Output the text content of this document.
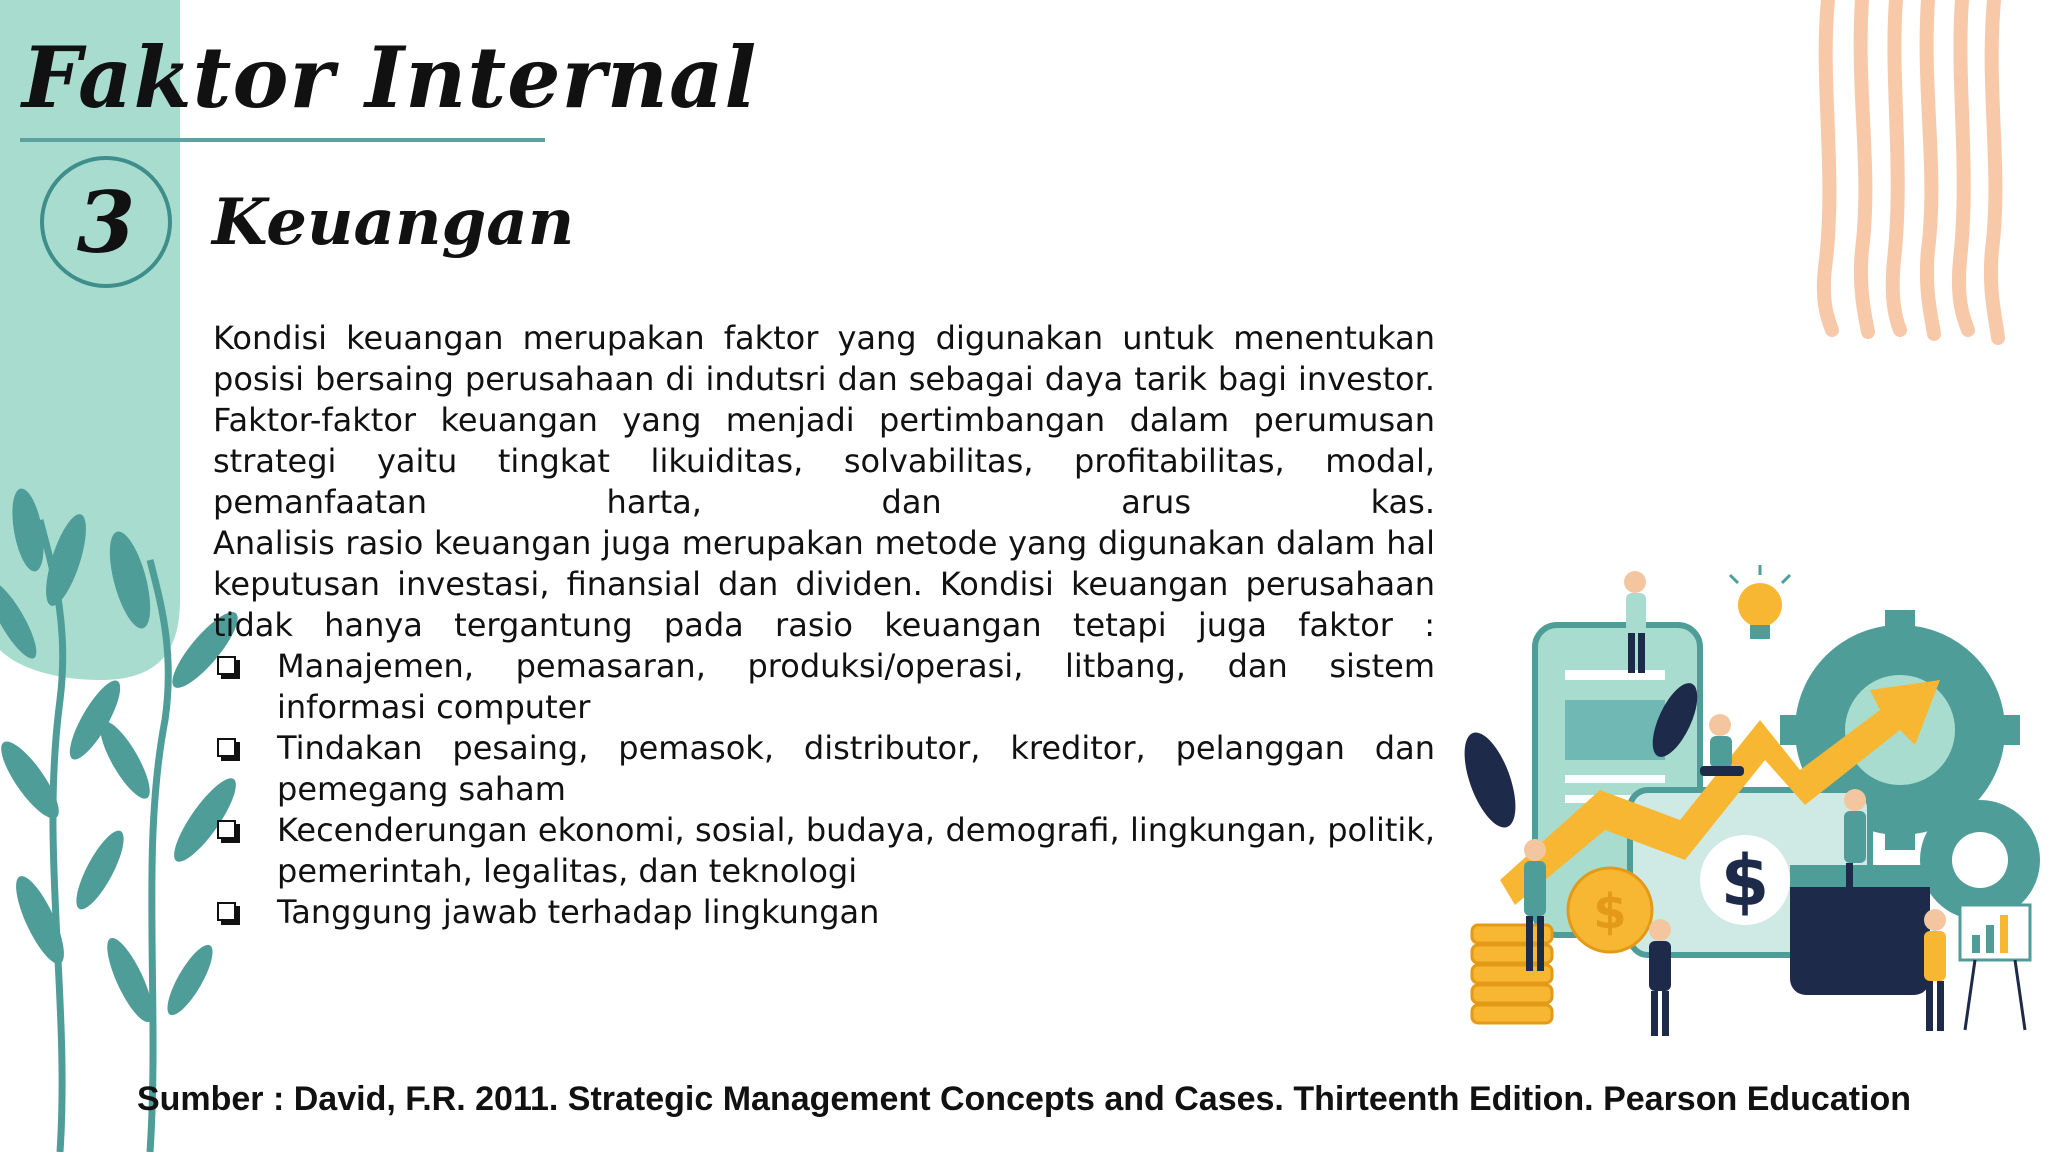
Faktor Internal
3 Keuangan

Kondisi keuangan merupakan faktor yang digunakan untuk menentukan posisi bersaing perusahaan di indutsri dan sebagai daya tarik bagi investor.

Faktor-faktor keuangan yang menjadi pertimbangan dalam perumusan strategi yaitu tingkat likuiditas, solvabilitas, profitabilitas, modal, pemanfaatan harta, dan arus kas.

Analisis rasio keuangan juga merupakan metode yang digunakan dalam hal keputusan investasi, finansial dan dividen. Kondisi keuangan perusahaan tidak hanya tergantung pada rasio keuangan tetapi juga faktor :

Manajemen, pemasaran, produksi/operasi, litbang, dan sistem informasi computer
Tindakan pesaing, pemasok, distributor, kreditor, pelanggan dan pemegang saham
Kecenderungan ekonomi, sosial, budaya, demografi, lingkungan, politik, pemerintah, legalitas, dan teknologi
Tanggung jawab terhadap lingkungan	$
$
Sumber : David, F.R. 2011. Strategic Management Concepts and Cases. Thirteenth Edition. Pearson Education
